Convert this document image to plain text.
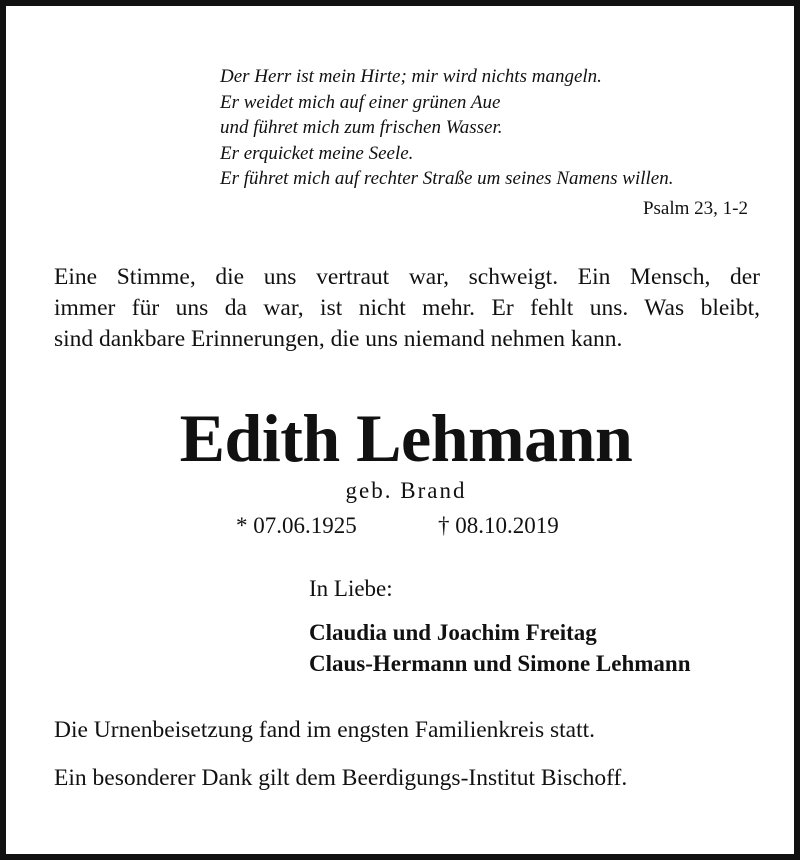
Der Herr ist mein Hirte; mir wird nichts mangeln.
Er weidet mich auf einer grünen Aue
und führet mich zum frischen Wasser.
Er erquicket meine Seele.
Er führet mich auf rechter Straße um seines Namens willen.
Psalm 23, 1-2
Eine Stimme, die uns vertraut war, schweigt. Ein Mensch, der
immer für uns da war, ist nicht mehr. Er fehlt uns. Was bleibt,
sind dankbare Erinnerungen, die uns niemand nehmen kann.
Edith Lehmann
geb. Brand
* 07.06.1925	† 08.10.2019
In Liebe:
Claudia und Joachim Freitag
Claus-Hermann und Simone Lehmann
Die Urnenbeisetzung fand im engsten Familienkreis statt.
Ein besonderer Dank gilt dem Beerdigungs-Institut Bischoff.
